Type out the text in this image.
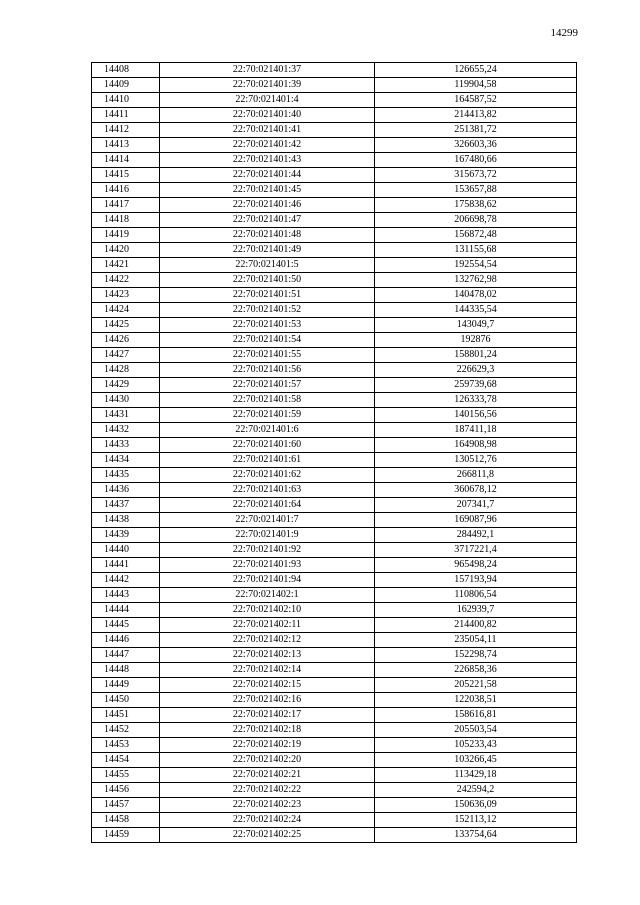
14299
14408	22:70:021401:37	126655,24
14409	22:70:021401:39	119904,58
14410	22:70:021401:4	164587,52
14411	22:70:021401:40	214413,82
14412	22:70:021401:41	251381,72
14413	22:70:021401:42	326603,36
14414	22:70:021401:43	167480,66
14415	22:70:021401:44	315673,72
14416	22:70:021401:45	153657,88
14417	22:70:021401:46	175838,62
14418	22:70:021401:47	206698,78
14419	22:70:021401:48	156872,48
14420	22:70:021401:49	131155,68
14421	22:70:021401:5	192554,54
14422	22:70:021401:50	132762,98
14423	22:70:021401:51	140478,02
14424	22:70:021401:52	144335,54
14425	22:70:021401:53	143049,7
14426	22:70:021401:54	192876
14427	22:70:021401:55	158801,24
14428	22:70:021401:56	226629,3
14429	22:70:021401:57	259739,68
14430	22:70:021401:58	126333,78
14431	22:70:021401:59	140156,56
14432	22:70:021401:6	187411,18
14433	22:70:021401:60	164908,98
14434	22:70:021401:61	130512,76
14435	22:70:021401:62	266811,8
14436	22:70:021401:63	360678,12
14437	22:70:021401:64	207341,7
14438	22:70:021401:7	169087,96
14439	22:70:021401:9	284492,1
14440	22:70:021401:92	3717221,4
14441	22:70:021401:93	965498,24
14442	22:70:021401:94	157193,94
14443	22:70:021402:1	110806,54
14444	22:70:021402:10	162939,7
14445	22:70:021402:11	214400,82
14446	22:70:021402:12	235054,11
14447	22:70:021402:13	152298,74
14448	22:70:021402:14	226858,36
14449	22:70:021402:15	205221,58
14450	22:70:021402:16	122038,51
14451	22:70:021402:17	158616,81
14452	22:70:021402:18	205503,54
14453	22:70:021402:19	105233,43
14454	22:70:021402:20	103266,45
14455	22:70:021402:21	113429,18
14456	22:70:021402:22	242594,2
14457	22:70:021402:23	150636,09
14458	22:70:021402:24	152113,12
14459	22:70:021402:25	133754,64
